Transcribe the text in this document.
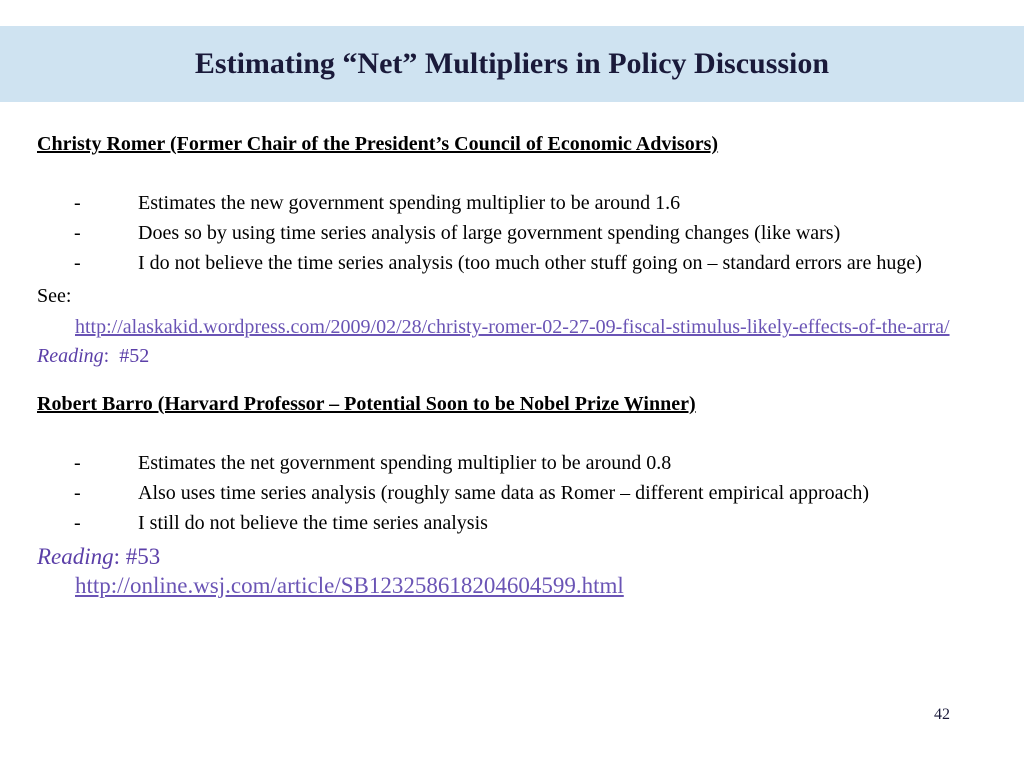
Estimating “Net” Multipliers in Policy Discussion

Christy Romer (Former Chair of the President’s Council of Economic Advisors)

-	Estimates the new government spending multiplier to be around 1.6
-	Does so by using time series analysis of large government spending changes (like wars)
-	I do not believe the time series analysis (too much other stuff going on – standard errors are huge)

See:

http://alaskakid.wordpress.com/2009/02/28/christy-romer-02-27-09-fiscal-stimulus-likely-effects-of-the-arra/

Reading:  #52

Robert Barro (Harvard Professor – Potential Soon to be Nobel Prize Winner)

-	Estimates the net government spending multiplier to be around 0.8
-	Also uses time series analysis (roughly same data as Romer – different empirical approach)
-	I still do not believe the time series analysis

Reading: #53

http://online.wsj.com/article/SB123258618204604599.html

42
